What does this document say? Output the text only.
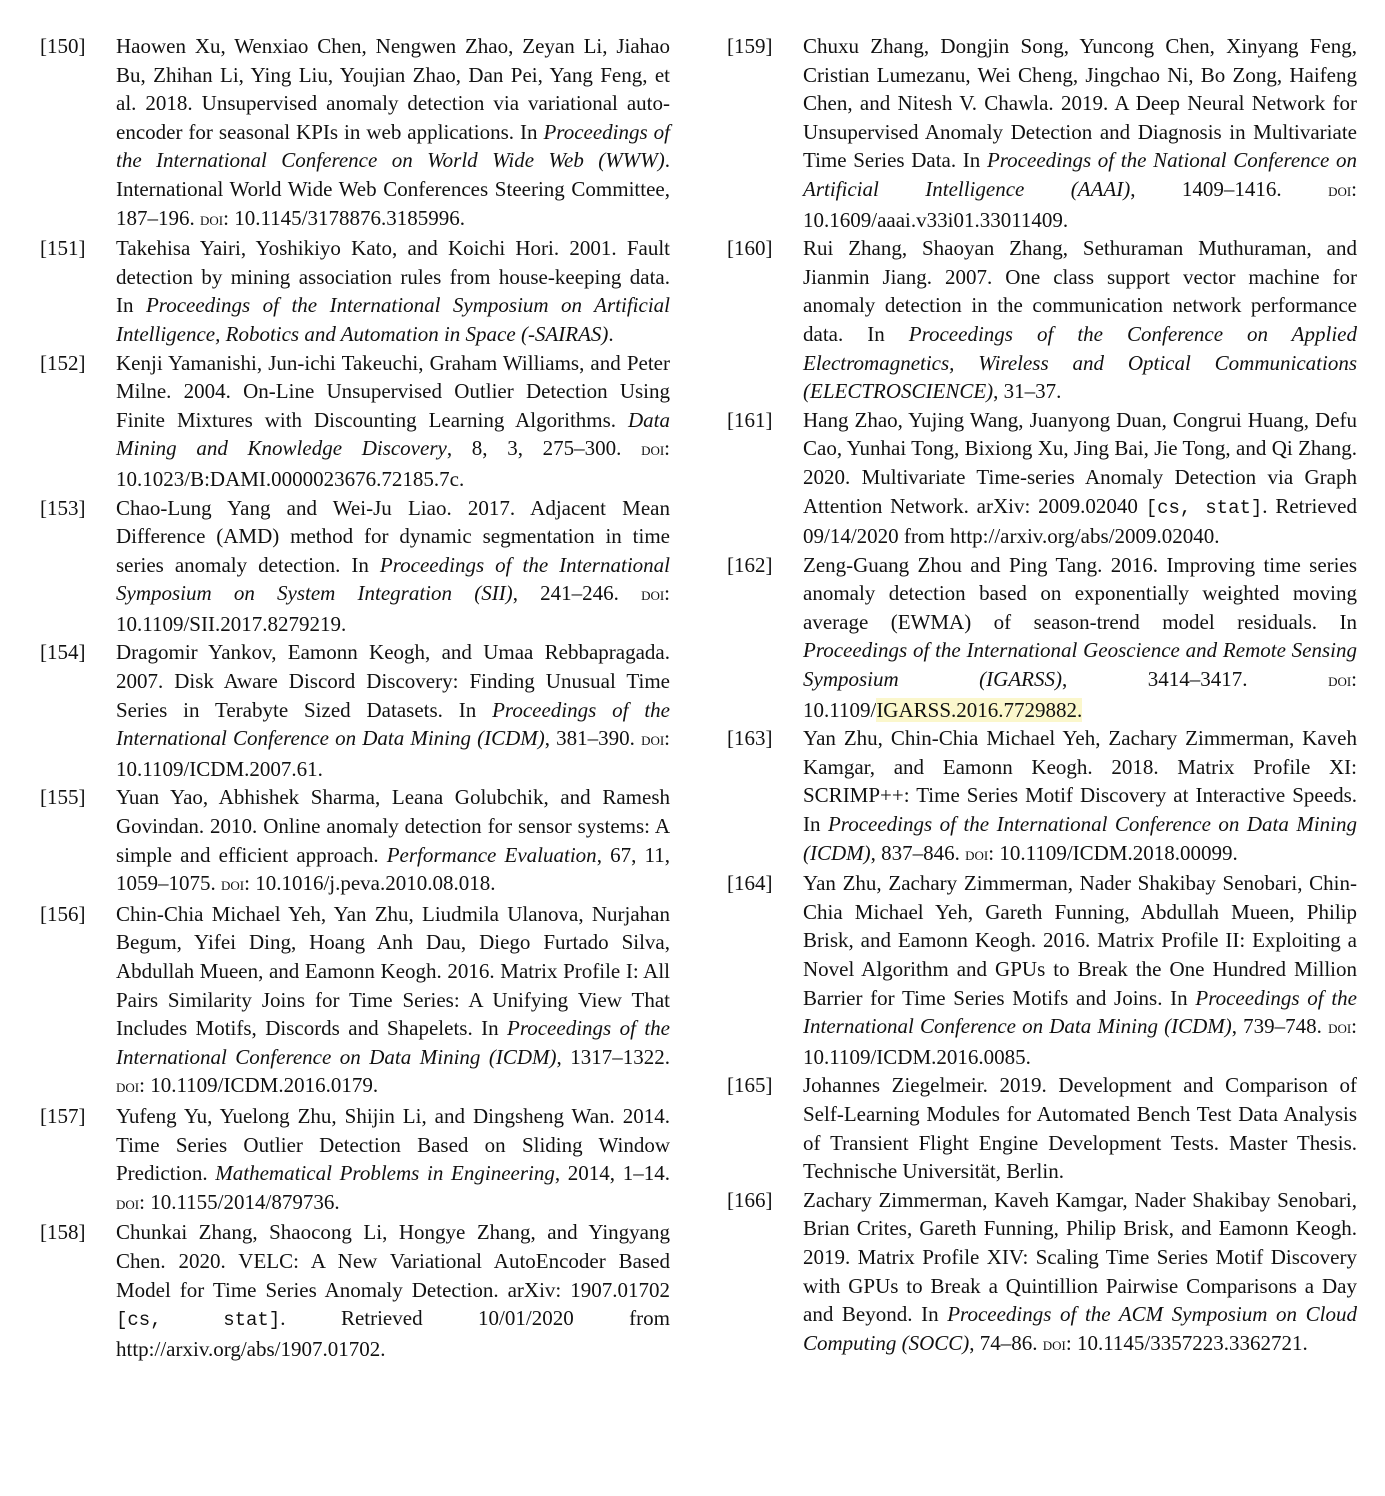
[150]	Haowen Xu, Wenxiao Chen, Nengwen Zhao, Zeyan Li, Jiahao Bu, Zhihan Li, Ying Liu, Youjian Zhao, Dan Pei, Yang Feng, et al. 2018. Unsupervised anomaly detection via variational auto-encoder for seasonal KPIs in web applications. In Proceedings of the International Conference on World Wide Web (WWW). International World Wide Web Conferences Steering Committee, 187–196. doi: 10.1145/3178876.3185996.
[151]	Takehisa Yairi, Yoshikiyo Kato, and Koichi Hori. 2001. Fault detection by mining association rules from house-keeping data. In Proceedings of the International Symposium on Artificial Intelligence, Robotics and Automation in Space (-SAIRAS).
[152]	Kenji Yamanishi, Jun-ichi Takeuchi, Graham Williams, and Peter Milne. 2004. On-Line Unsupervised Outlier Detection Using Finite Mixtures with Discounting Learning Algorithms. Data Mining and Knowledge Discovery, 8, 3, 275–300. doi: 10.1023/B:DAMI.0000023676.72185.7c.
[153]	Chao-Lung Yang and Wei-Ju Liao. 2017. Adjacent Mean Difference (AMD) method for dynamic segmentation in time series anomaly detection. In Proceedings of the International Symposium on System Integration (SII), 241–246. doi: 10.1109/SII.2017.8279219.
[154]	Dragomir Yankov, Eamonn Keogh, and Umaa Rebbapragada. 2007. Disk Aware Discord Discovery: Finding Unusual Time Series in Terabyte Sized Datasets. In Proceedings of the International Conference on Data Mining (ICDM), 381–390. doi: 10.1109/ICDM.2007.61.
[155]	Yuan Yao, Abhishek Sharma, Leana Golubchik, and Ramesh Govindan. 2010. Online anomaly detection for sensor systems: A simple and efficient approach. Performance Evaluation, 67, 11, 1059–1075. doi: 10.1016/j.peva.2010.08.018.
[156]	Chin-Chia Michael Yeh, Yan Zhu, Liudmila Ulanova, Nurjahan Begum, Yifei Ding, Hoang Anh Dau, Diego Furtado Silva, Abdullah Mueen, and Eamonn Keogh. 2016. Matrix Profile I: All Pairs Similarity Joins for Time Series: A Unifying View That Includes Motifs, Discords and Shapelets. In Proceedings of the International Conference on Data Mining (ICDM), 1317–1322. doi: 10.1109/ICDM.2016.0179.
[157]	Yufeng Yu, Yuelong Zhu, Shijin Li, and Dingsheng Wan. 2014. Time Series Outlier Detection Based on Sliding Window Prediction. Mathematical Problems in Engineering, 2014, 1–14. doi: 10.1155/2014/879736.
[158]	Chunkai Zhang, Shaocong Li, Hongye Zhang, and Yingyang Chen. 2020. VELC: A New Variational AutoEncoder Based Model for Time Series Anomaly Detection. arXiv: 1907.01702 [cs, stat]. Retrieved 10/01/2020 from http://arxiv.org/abs/1907.01702.
[159]	Chuxu Zhang, Dongjin Song, Yuncong Chen, Xinyang Feng, Cristian Lumezanu, Wei Cheng, Jingchao Ni, Bo Zong, Haifeng Chen, and Nitesh V. Chawla. 2019. A Deep Neural Network for Unsupervised Anomaly Detection and Diagnosis in Multivariate Time Series Data. In Proceedings of the National Conference on Artificial Intelligence (AAAI), 1409–1416. doi: 10.1609/aaai.v33i01.33011409.
[160]	Rui Zhang, Shaoyan Zhang, Sethuraman Muthuraman, and Jianmin Jiang. 2007. One class support vector machine for anomaly detection in the communication network performance data. In Proceedings of the Conference on Applied Electromagnetics, Wireless and Optical Communications (ELECTROSCIENCE), 31–37.
[161]	Hang Zhao, Yujing Wang, Juanyong Duan, Congrui Huang, Defu Cao, Yunhai Tong, Bixiong Xu, Jing Bai, Jie Tong, and Qi Zhang. 2020. Multivariate Time-series Anomaly Detection via Graph Attention Network. arXiv: 2009.02040 [cs, stat]. Retrieved 09/14/2020 from http://arxiv.org/abs/2009.02040.
[162]	Zeng-Guang Zhou and Ping Tang. 2016. Improving time series anomaly detection based on exponentially weighted moving average (EWMA) of season-trend model residuals. In Proceedings of the International Geoscience and Remote Sensing Symposium (IGARSS), 3414–3417. doi: 10.1109/IGARSS.2016.7729882.
[163]	Yan Zhu, Chin-Chia Michael Yeh, Zachary Zimmerman, Kaveh Kamgar, and Eamonn Keogh. 2018. Matrix Profile XI: SCRIMP++: Time Series Motif Discovery at Interactive Speeds. In Proceedings of the International Conference on Data Mining (ICDM), 837–846. doi: 10.1109/ICDM.2018.00099.
[164]	Yan Zhu, Zachary Zimmerman, Nader Shakibay Senobari, Chin-Chia Michael Yeh, Gareth Funning, Abdullah Mueen, Philip Brisk, and Eamonn Keogh. 2016. Matrix Profile II: Exploiting a Novel Algorithm and GPUs to Break the One Hundred Million Barrier for Time Series Motifs and Joins. In Proceedings of the International Conference on Data Mining (ICDM), 739–748. doi: 10.1109/ICDM.2016.0085.
[165]	Johannes Ziegelmeir. 2019. Development and Comparison of Self-Learning Modules for Automated Bench Test Data Analysis of Transient Flight Engine Development Tests. Master Thesis. Technische Universität, Berlin.
[166]	Zachary Zimmerman, Kaveh Kamgar, Nader Shakibay Senobari, Brian Crites, Gareth Funning, Philip Brisk, and Eamonn Keogh. 2019. Matrix Profile XIV: Scaling Time Series Motif Discovery with GPUs to Break a Quintillion Pairwise Comparisons a Day and Beyond. In Proceedings of the ACM Symposium on Cloud Computing (SOCC), 74–86. doi: 10.1145/3357223.3362721.
